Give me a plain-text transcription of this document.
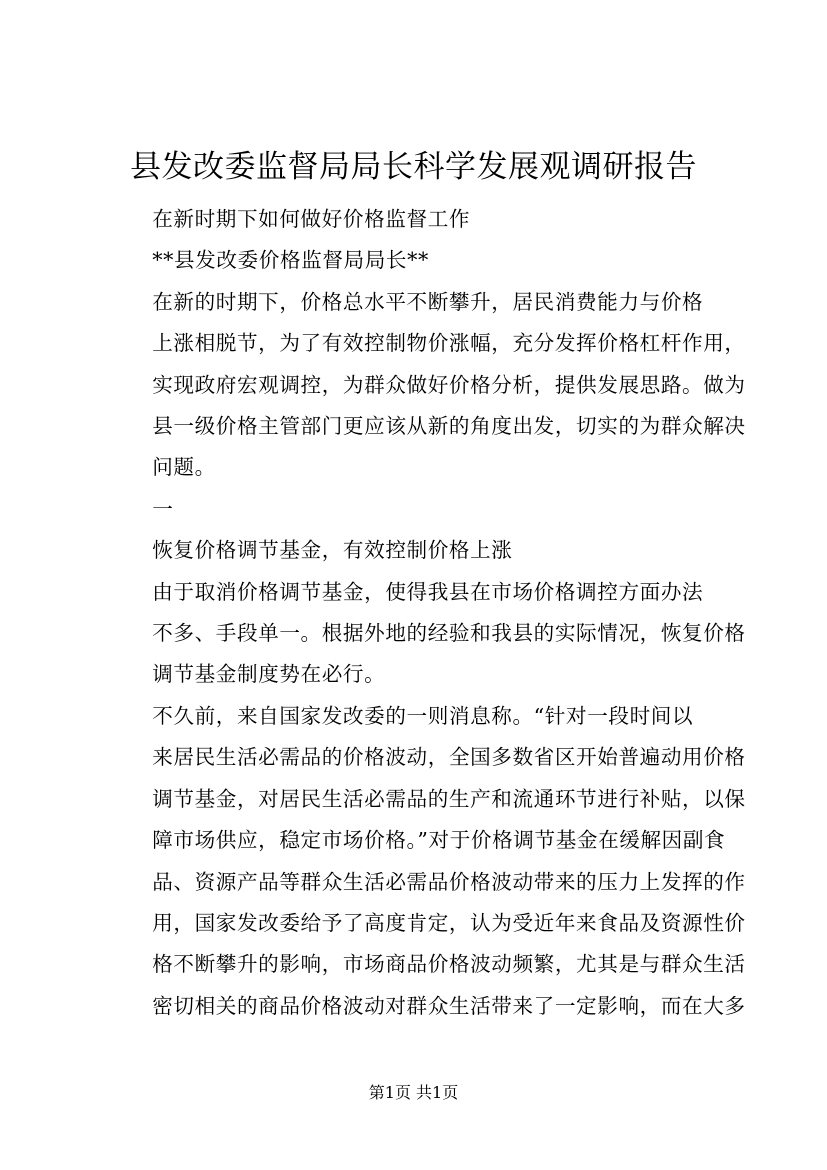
县发改委监督局局长科学发展观调研报告

在新时期下如何做好价格监督工作

**县发改委价格监督局局长**

在新的时期下，价格总水平不断攀升，居民消费能力与价格
上涨相脱节，为了有效控制物价涨幅，充分发挥价格杠杆作用，
实现政府宏观调控，为群众做好价格分析，提供发展思路。做为
县一级价格主管部门更应该从新的角度出发，切实的为群众解决
问题。

一

恢复价格调节基金，有效控制价格上涨

由于取消价格调节基金，使得我县在市场价格调控方面办法
不多、手段单一。根据外地的经验和我县的实际情况，恢复价格
调节基金制度势在必行。

不久前，来自国家发改委的一则消息称。“针对一段时间以
来居民生活必需品的价格波动，全国多数省区开始普遍动用价格
调节基金，对居民生活必需品的生产和流通环节进行补贴，以保
障市场供应，稳定市场价格。”对于价格调节基金在缓解因副食
品、资源产品等群众生活必需品价格波动带来的压力上发挥的作
用，国家发改委给予了高度肯定，认为受近年来食品及资源性价
格不断攀升的影响，市场商品价格波动频繁，尤其是与群众生活
密切相关的商品价格波动对群众生活带来了一定影响，而在大多

第1页 共1页
